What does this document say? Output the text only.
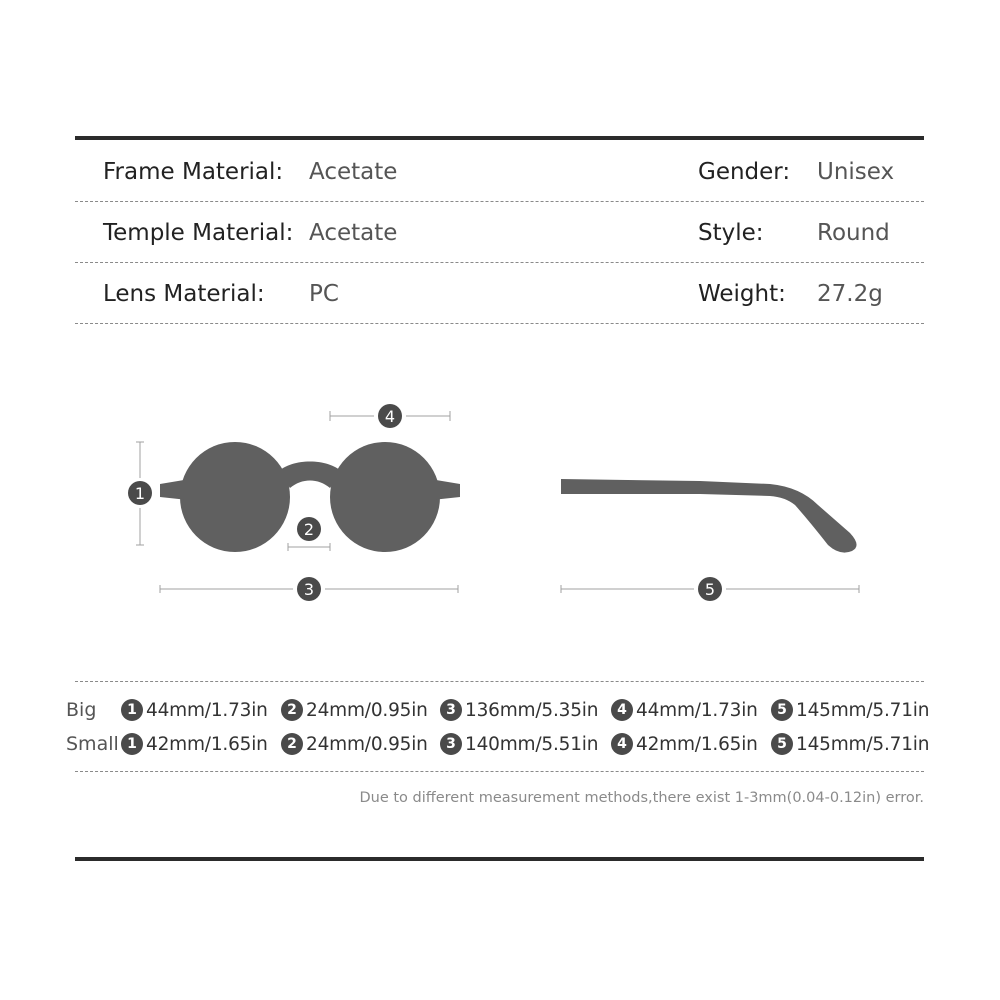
Frame Material: Acetate	Gender: Unisex
Temple Material: Acetate	Style: Round
Lens Material: PC	Weight: 27.2g
1
2
3
4
5
Big	1 44mm/1.73in	2 24mm/0.95in	3 136mm/5.35in	4 44mm/1.73in	5 145mm/5.71in
Small 1 42mm/1.65in	2 24mm/0.95in	3 140mm/5.51in	4 42mm/1.65in	5 145mm/5.71in
Due to different measurement methods,there exist 1-3mm(0.04-0.12in) error.
